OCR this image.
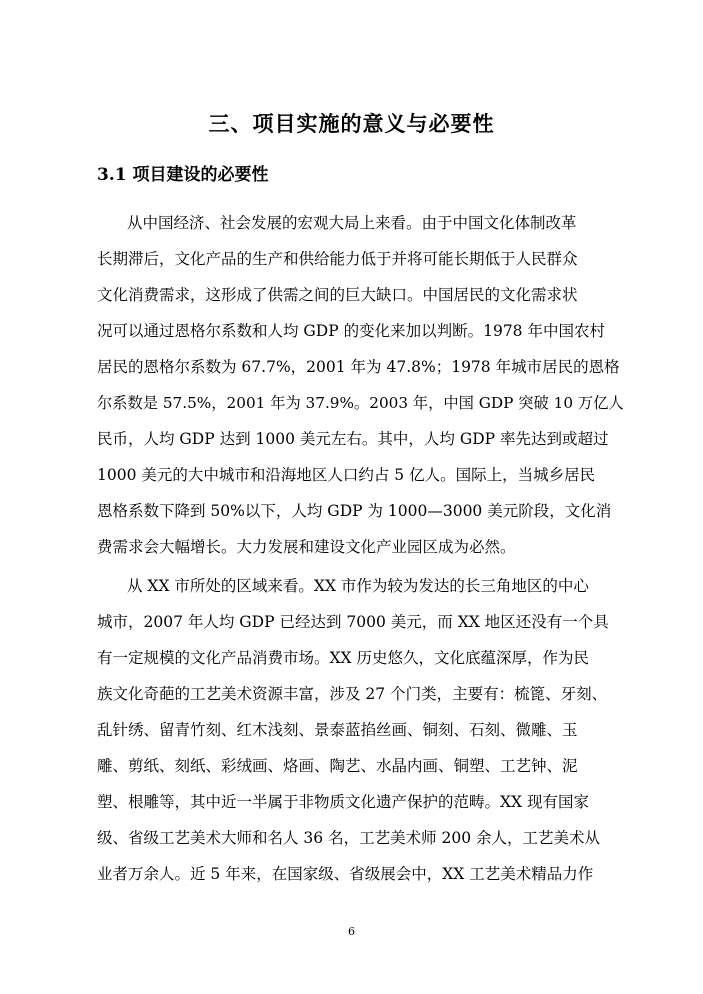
三、项目实施的意义与必要性
3.1 项目建设的必要性
从中国经济、社会发展的宏观大局上来看。由于中国文化体制改革
长期滞后，文化产品的生产和供给能力低于并将可能长期低于人民群众
文化消费需求，这形成了供需之间的巨大缺口。中国居民的文化需求状
况可以通过恩格尔系数和人均 GDP 的变化来加以判断。1978 年中国农村
居民的恩格尔系数为 67.7%，2001 年为 47.8%；1978 年城市居民的恩格
尔系数是 57.5%，2001 年为 37.9%。2003 年，中国 GDP 突破 10 万亿人
民币，人均 GDP 达到 1000 美元左右。其中，人均 GDP 率先达到或超过
1000 美元的大中城市和沿海地区人口约占 5 亿人。国际上，当城乡居民
恩格系数下降到 50%以下，人均 GDP 为 1000—3000 美元阶段，文化消
费需求会大幅增长。大力发展和建设文化产业园区成为必然。
从 XX 市所处的区域来看。XX 市作为较为发达的长三角地区的中心
城市，2007 年人均 GDP 已经达到 7000 美元，而 XX 地区还没有一个具
有一定规模的文化产品消费市场。XX 历史悠久，文化底蕴深厚，作为民
族文化奇葩的工艺美术资源丰富，涉及 27 个门类，主要有：梳篦、牙刻、
乱针绣、留青竹刻、红木浅刻、景泰蓝掐丝画、铜刻、石刻、微雕、玉
雕、剪纸、刻纸、彩绒画、烙画、陶艺、水晶内画、铜塑、工艺钟、泥
塑、根雕等，其中近一半属于非物质文化遗产保护的范畴。XX 现有国家
级、省级工艺美术大师和名人 36 名，工艺美术师 200 余人，工艺美术从
业者万余人。近 5 年来，在国家级、省级展会中，XX 工艺美术精品力作
6
